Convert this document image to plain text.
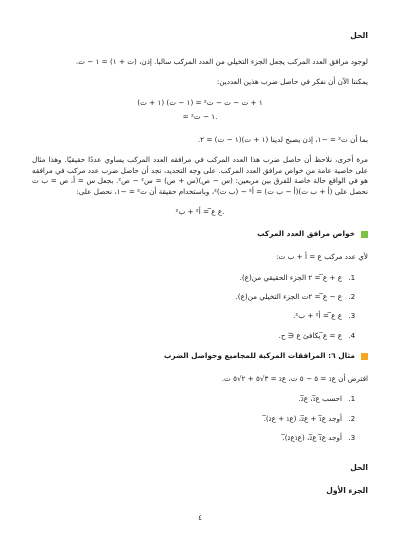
الحل

لوجود مرافق العدد المركب يجعل الجزء التخيلي من العدد المركب سالبا. إذن، (ت + ١) = ١ − ت.

يمكننا الآن أن نفكر في حاصل ضرب هذين العددين:

(١ + ت) (١ − ت) = ١ + ت − ت − ت²
= ١ − ت².

بما أن ت² = −١، إذن يصبح لدينا (١ + ت)(١ − ت) = ٢.

مرة أخرى، نلاحظ أن حاصل ضرب هذا العدد المركب في مرافقه العدد المركب يساوي عددًا حقيقيًا. وهذا مثال على خاصية عامة من خواص مرافق العدد المركب. على وجه التحديد، نجد أن حاصل ضرب عدد مركب في مرافقه هو في الواقع حالة خاصة للفرق بين مربعين: (س − ص)(س + ص) = س² − ص². بجعل س = أ، ص = ب ت نحصل على (أ + ب ت)(أ − ب ت) = أ² − (ب ت)²، وباستخدام حقيقة أن ت² = −١، نحصل على:

ع ع̅ = أ² + ب².
خواص مرافق العدد المركب

لأي عدد مركب ع = أ + ب ت:

1. ع + ع̅ = ٢ الجزء الحقيقي من(ع).
2. ع − ع̅ = ٢ت الجزء التخيلي من(ع).
3. ع ع̅ = أ² + ب².
4. ع = ع̅ يكافئ ع ∈ ح.
مثال ٦: المرافقات المركبة للمجاميع وحواصل الضرب

افترض أن ع₁ = ٥ − ٥ ت، ع₂ = ٣√٥ + ٢√٥ ت.

1. احسب ع̅₁، ع̅₂.
2. أوجد ع̅₁ + ع̅₂، (ع₁ + ع₂)̅.
3. أوجد ع̅₁ ع̅₂، (ع₁ع₂)̅.
الحل
الجزء الأول
٤
